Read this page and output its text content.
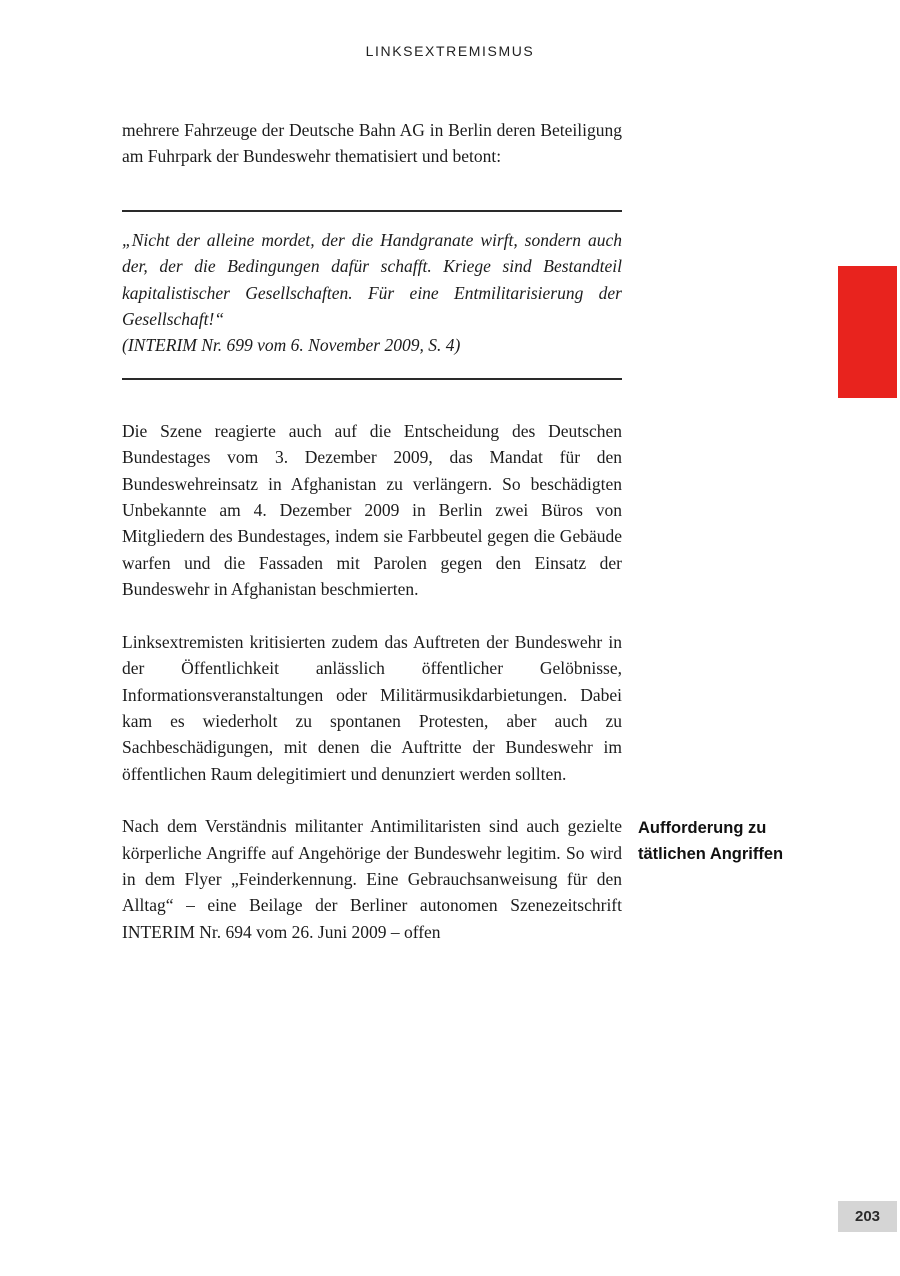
LINKSEXTREMISMUS

mehrere Fahrzeuge der Deutsche Bahn AG in Berlin deren Beteiligung am Fuhrpark der Bundeswehr thematisiert und betont:

„Nicht der alleine mordet, der die Handgranate wirft, sondern auch der, der die Bedingungen dafür schafft. Kriege sind Bestandteil kapitalistischer Gesellschaften. Für eine Entmilitarisierung der Gesellschaft!“

(INTERIM Nr. 699 vom 6. November 2009, S. 4)

Die Szene reagierte auch auf die Entscheidung des Deutschen Bundestages vom 3. Dezember 2009, das Mandat für den Bundeswehreinsatz in Afghanistan zu verlängern. So beschädigten Unbekannte am 4. Dezember 2009 in Berlin zwei Büros von Mitgliedern des Bundestages, indem sie Farbbeutel gegen die Gebäude warfen und die Fassaden mit Parolen gegen den Einsatz der Bundeswehr in Afghanistan beschmierten.

Linksextremisten kritisierten zudem das Auftreten der Bundeswehr in der Öffentlichkeit anlässlich öffentlicher Gelöbnisse, Informationsveranstaltungen oder Militärmusikdarbietungen. Dabei kam es wiederholt zu spontanen Protesten, aber auch zu Sachbeschädigungen, mit denen die Auftritte der Bundeswehr im öffentlichen Raum delegitimiert und denunziert werden sollten.

Nach dem Verständnis militanter Antimilitaristen sind auch gezielte körperliche Angriffe auf Angehörige der Bundeswehr legitim. So wird in dem Flyer „Feinderkennung. Eine Gebrauchsanweisung für den Alltag“ – eine Beilage der Berliner autonomen Szenezeitschrift INTERIM Nr. 694 vom 26. Juni 2009 – offen

Aufforderung zu tätlichen Angriffen
203
